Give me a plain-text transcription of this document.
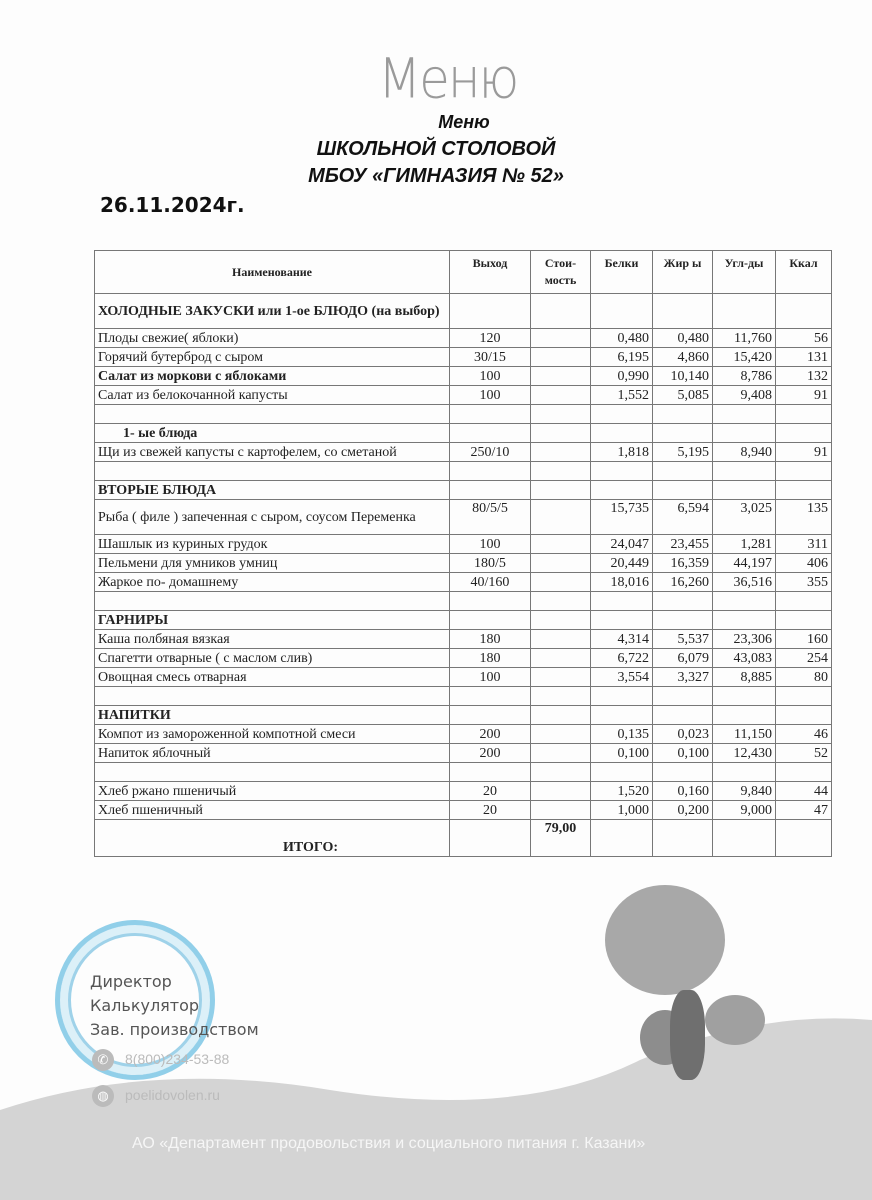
Меню
Меню
ШКОЛЬНОЙ СТОЛОВОЙ
МБОУ «ГИМНАЗИЯ № 52»
26.11.2024г.
Наименование	Выход	Стои-мость	Белки	Жир ы	Угл-ды	Ккал
ХОЛОДНЫЕ ЗАКУСКИ или 1-ое БЛЮДО (на выбор)						
Плоды свежие( яблоки)	120		0,480	0,480	11,760	56
Горячий бутерброд с сыром	30/15		6,195	4,860	15,420	131
Салат из моркови с яблоками	100		0,990	10,140	8,786	132
Салат из белокочанной капусты	100		1,552	5,085	9,408	91

1- ые блюда						
Щи из свежей капусты с картофелем, со сметаной	250/10		1,818	5,195	8,940	91

ВТОРЫЕ БЛЮДА						
Рыба ( филе ) запеченная с сыром, соусом Переменка	80/5/5		15,735	6,594	3,025	135
Шашлык из куриных грудок	100		24,047	23,455	1,281	311
Пельмени для умников умниц	180/5		20,449	16,359	44,197	406
Жаркое по- домашнему	40/160		18,016	16,260	36,516	355

ГАРНИРЫ						
Каша полбяная вязкая	180		4,314	5,537	23,306	160
Спагетти отварные ( с маслом слив)	180		6,722	6,079	43,083	254
Овощная смесь отварная	100		3,554	3,327	8,885	80

НАПИТКИ						
Компот из замороженной компотной смеси	200		0,135	0,023	11,150	46
Напиток яблочный	200		0,100	0,100	12,430	52

Хлеб ржано пшеничый	20		1,520	0,160	9,840	44
Хлеб пшеничный	20		1,000	0,200	9,000	47
ИТОГО:		79,00				
Директор
Калькулятор
Зав. производством
✆	8(800)234-53-88
◍	poelidovolen.ru
АО «Департамент продовольствия и социального питания г. Казани»
